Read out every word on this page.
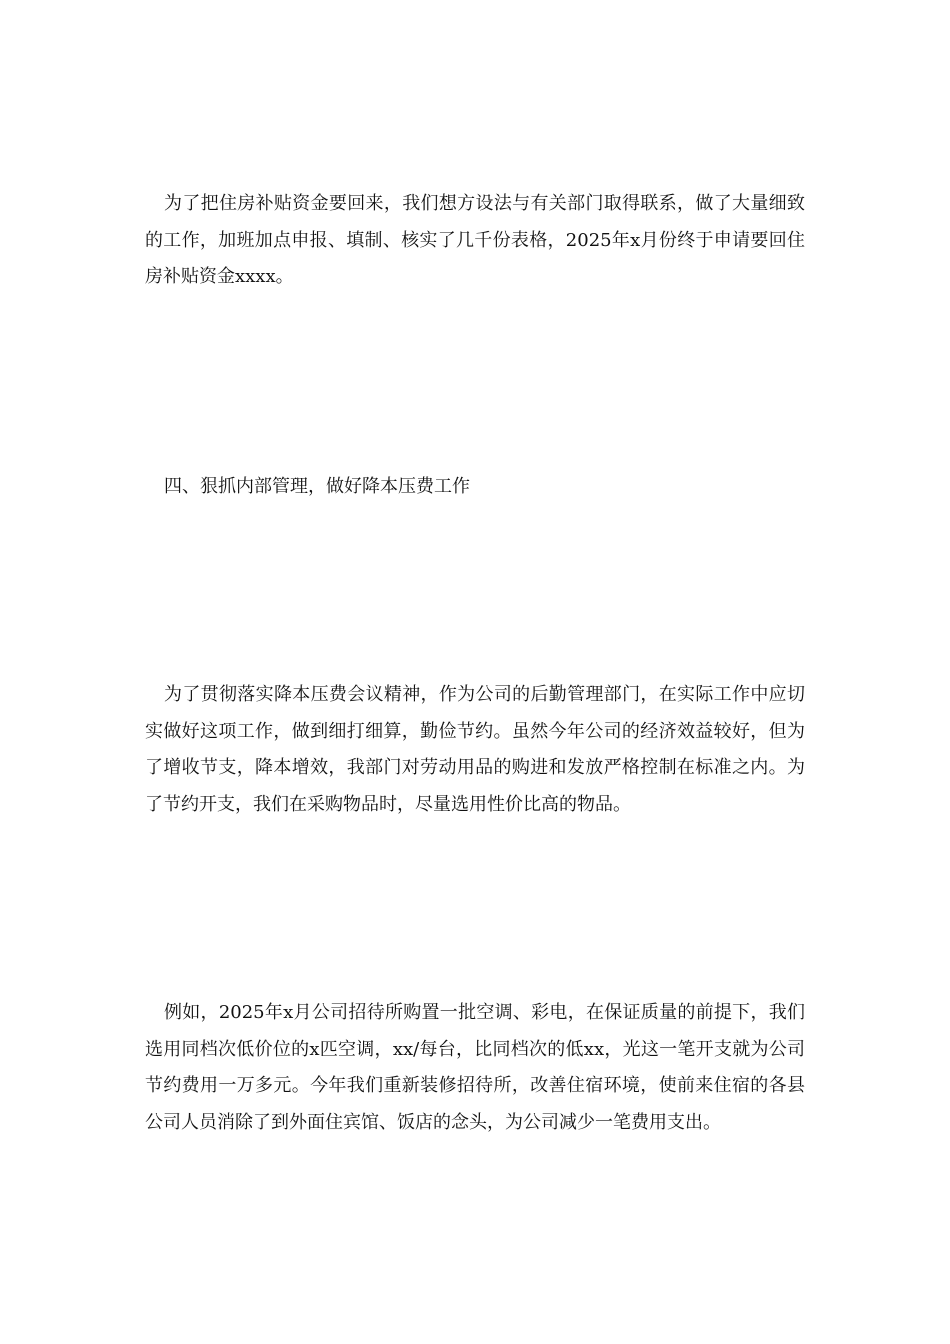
为了把住房补贴资金要回来，我们想方设法与有关部门取得联系，做了大量细致的工作，加班加点申报、填制、核实了几千份表格，2025年x月份终于申请要回住房补贴资金xxxx。

四、狠抓内部管理，做好降本压费工作

为了贯彻落实降本压费会议精神，作为公司的后勤管理部门，在实际工作中应切实做好这项工作，做到细打细算，勤俭节约。虽然今年公司的经济效益较好，但为了增收节支，降本增效，我部门对劳动用品的购进和发放严格控制在标准之内。为了节约开支，我们在采购物品时，尽量选用性价比高的物品。

例如，2025年x月公司招待所购置一批空调、彩电，在保证质量的前提下，我们选用同档次低价位的x匹空调，xx/每台，比同档次的低xx，光这一笔开支就为公司节约费用一万多元。今年我们重新装修招待所，改善住宿环境，使前来住宿的各县公司人员消除了到外面住宾馆、饭店的念头，为公司减少一笔费用支出。
